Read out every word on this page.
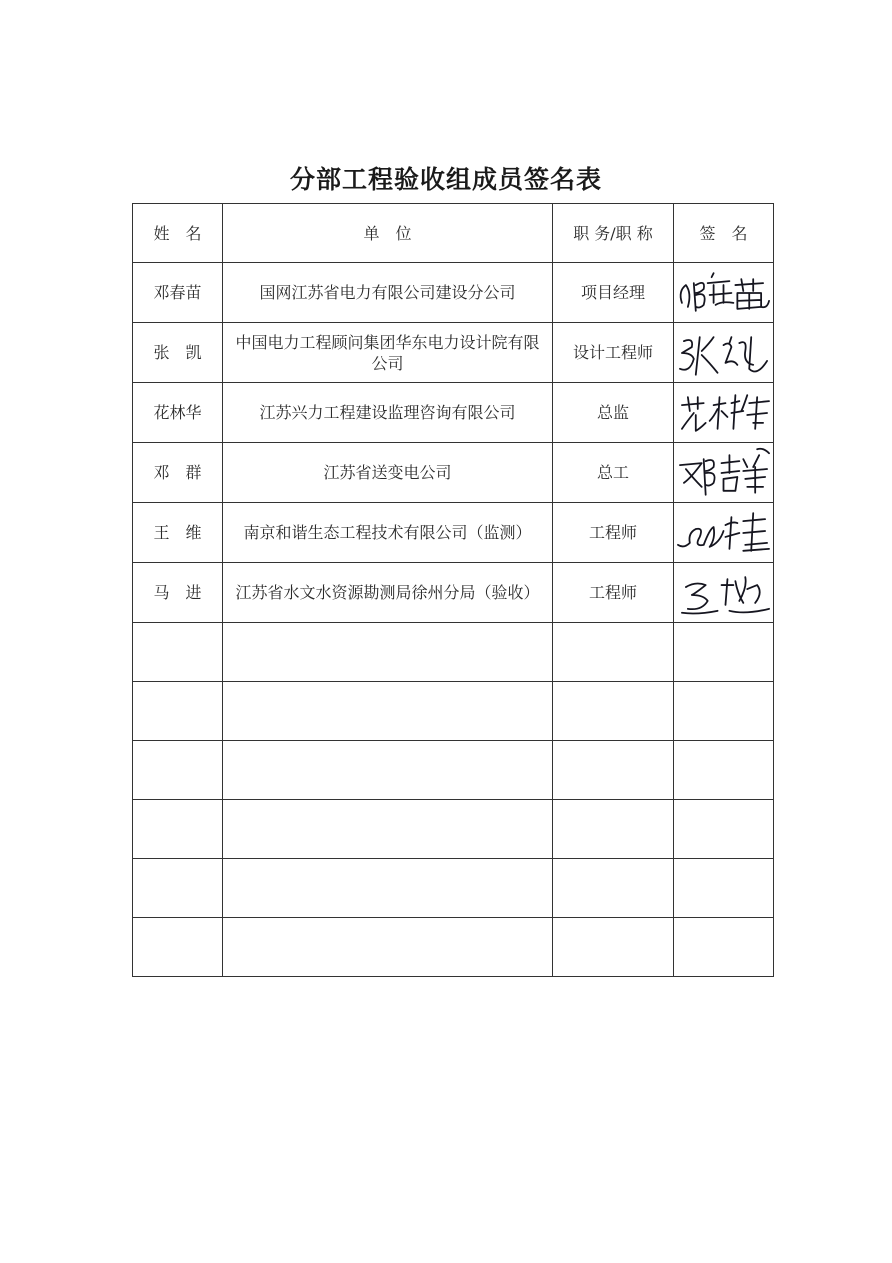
分部工程验收组成员签名表
姓　名	单　位	职 务/职 称	签　名
邓春苗	国网江苏省电力有限公司建设分公司	项目经理	

张　凯	中国电力工程顾问集团华东电力设计院有限公司	设计工程师	

花林华	江苏兴力工程建设监理咨询有限公司	总监	

邓　群	江苏省送变电公司	总工	

王　维	南京和谐生态工程技术有限公司（监测）	工程师	

马　进	江苏省水文水资源勘测局徐州分局（验收）	工程师	
